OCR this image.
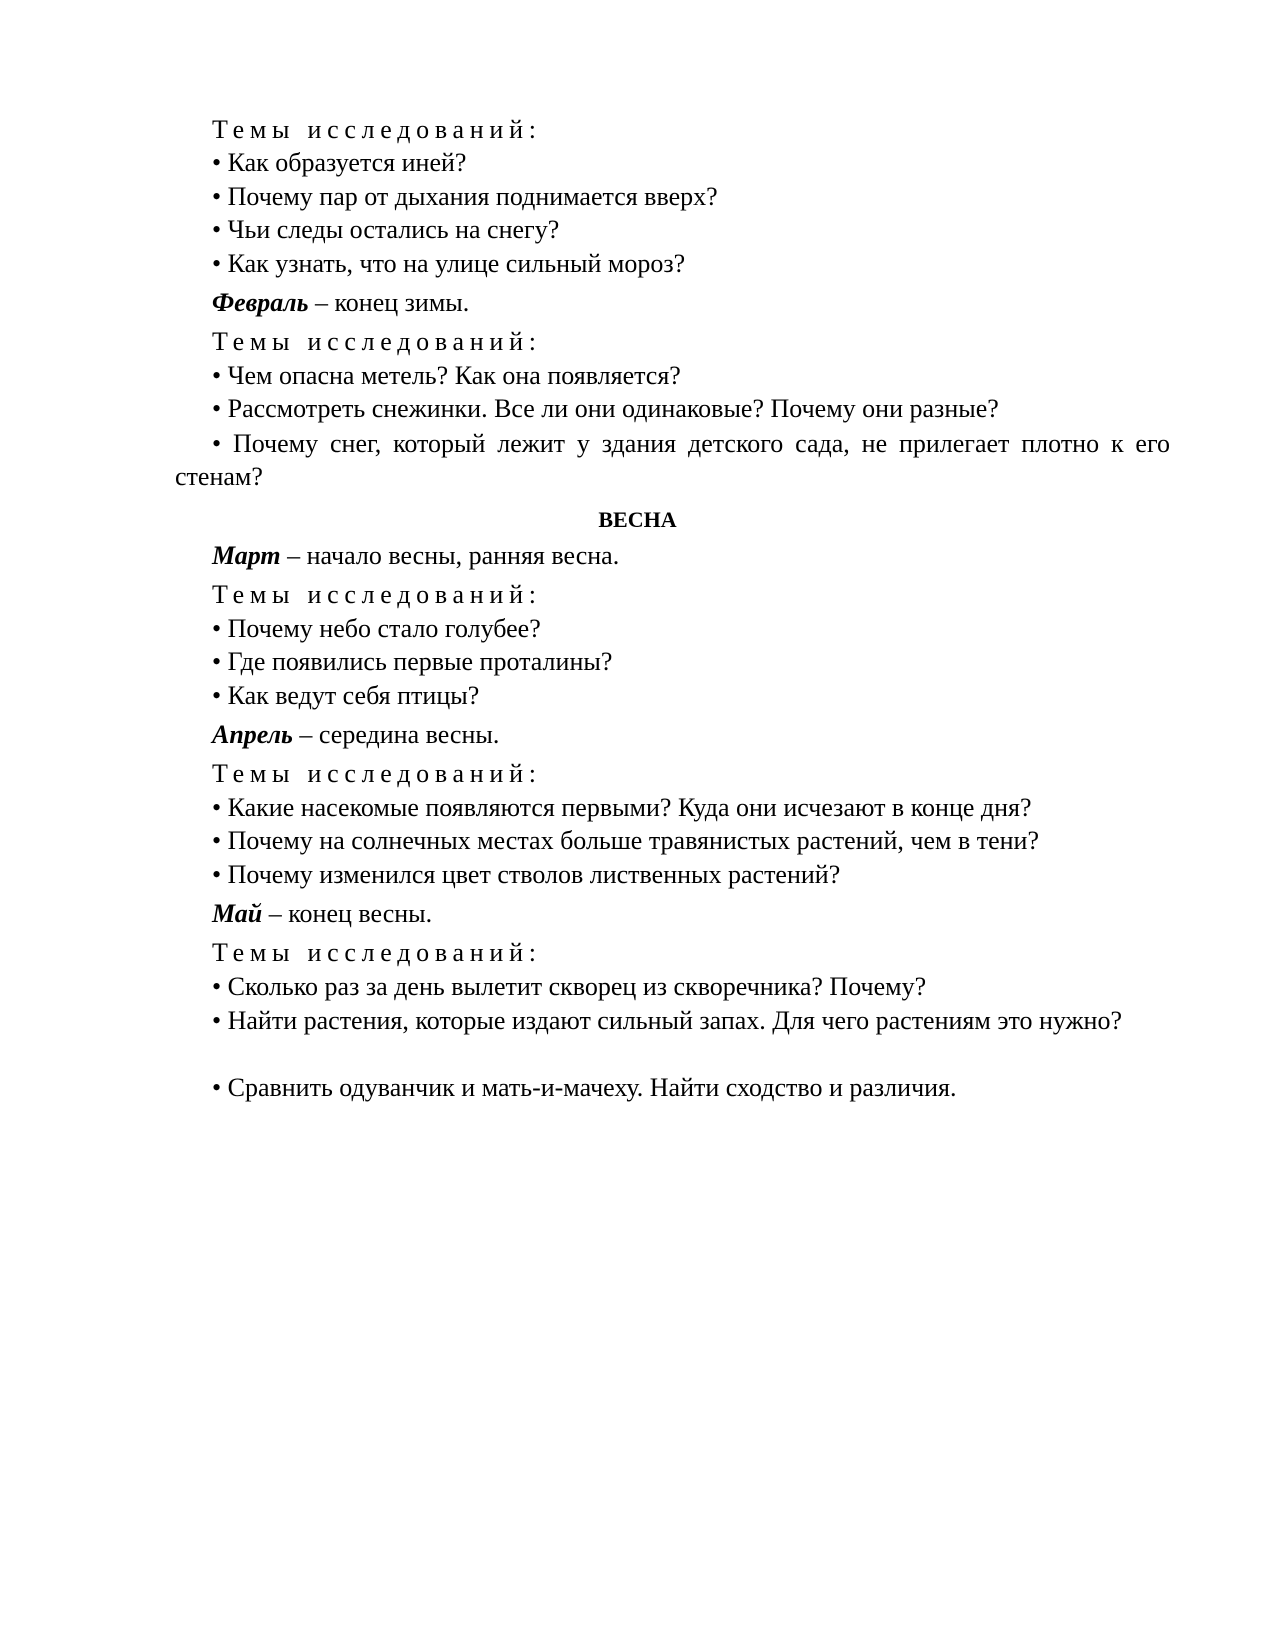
Темы исследований:
• Как образуется иней?
• Почему пар от дыхания поднимается вверх?
• Чьи следы остались на снегу?
• Как узнать, что на улице сильный мороз?
Февраль – конец зимы.
Темы исследований:
• Чем опасна метель? Как она появляется?
• Рассмотреть снежинки. Все ли они одинаковые? Почему они разные?
• Почему снег, который лежит у здания детского сада, не прилегает плотно к его стенам?
ВЕСНА
Март – начало весны, ранняя весна.
Темы исследований:
• Почему небо стало голубее?
• Где появились первые проталины?
• Как ведут себя птицы?
Апрель – середина весны.
Темы исследований:
• Какие насекомые появляются первыми? Куда они исчезают в конце дня?
• Почему на солнечных местах больше травянистых растений, чем в тени?
• Почему изменился цвет стволов лиственных растений?
Май – конец весны.
Темы исследований:
• Сколько раз за день вылетит скворец из скворечника? Почему?
• Найти растения, которые издают сильный запах. Для чего растениям это нужно?
• Сравнить одуванчик и мать-и-мачеху. Найти сходство и различия.
